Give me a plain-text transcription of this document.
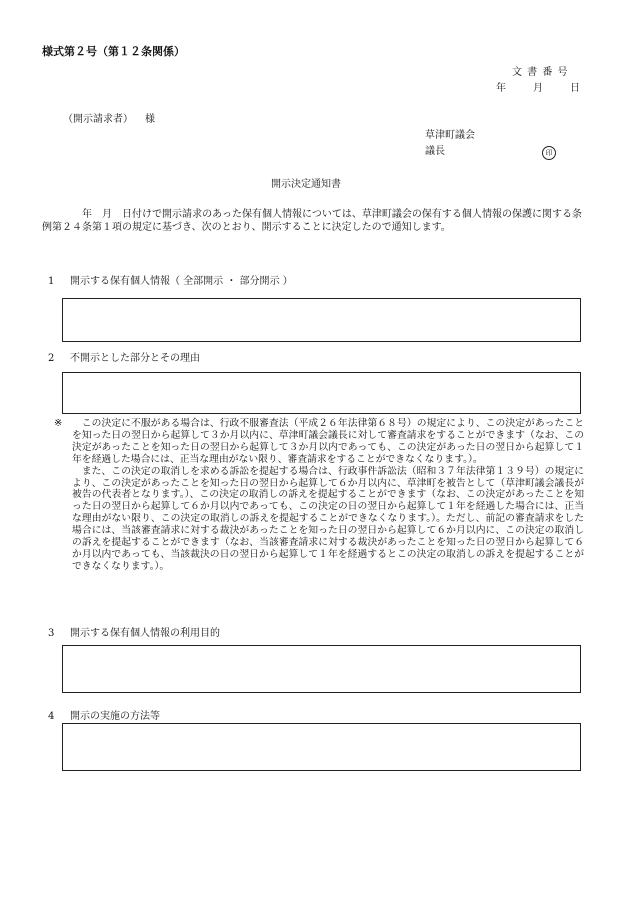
様式第２号（第１２条関係）
文 書 番 号
年	月	日
（開示請求者） 様
草津町議会
議長	印
開示決定通知書
年　月　日付けで開示請求のあった保有個人情報については、草津町議会の保有する個人情報の保護に関する条例第２４条第１項の規定に基づき、次のとおり、開示することに決定したので通知します。
1 開示する保有個人情報（ 全部開示 ・ 部分開示 ）
2 不開示とした部分とその理由
※	この決定に不服がある場合は、行政不服審査法（平成２６年法律第６８号）の規定により、この決定があったことを知った日の翌日から起算して３か月以内に、草津町議会議長に対して審査請求をすることができます（なお、この決定があったことを知った日の翌日から起算して３か月以内であっても、この決定があった日の翌日から起算して１年を経過した場合には、正当な理由がない限り、審査請求をすることができなくなります。）。

また、この決定の取消しを求める訴訟を提起する場合は、行政事件訴訟法（昭和３７年法律第１３９号）の規定により、この決定があったことを知った日の翌日から起算して６か月以内に、草津町を被告として（草津町議会議長が被告の代表者となります。）、この決定の取消しの訴えを提起することができます（なお、この決定があったことを知った日の翌日から起算して６か月以内であっても、この決定の日の翌日から起算して１年を経過した場合には、正当な理由がない限り、この決定の取消しの訴えを提起することができなくなります。）。ただし、前記の審査請求をした場合には、当該審査請求に対する裁決があったことを知った日の翌日から起算して６か月以内に、この決定の取消しの訴えを提起することができます（なお、当該審査請求に対する裁決があったことを知った日の翌日から起算して６か月以内であっても、当該裁決の日の翌日から起算して１年を経過するとこの決定の取消しの訴えを提起することができなくなります。）。

3 開示する保有個人情報の利用目的
4 開示の実施の方法等
